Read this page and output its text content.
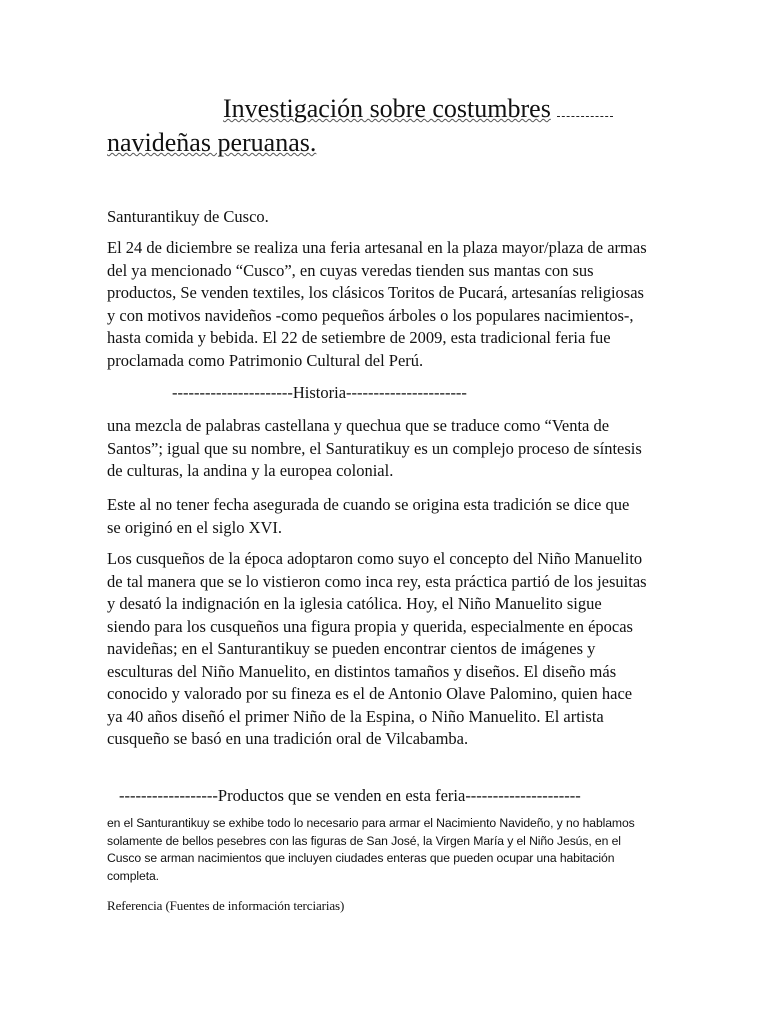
Investigación sobre costumbres
navideñas peruanas.

Santurantikuy de Cusco.

El 24 de diciembre se realiza una feria artesanal en la plaza mayor/plaza de armas del ya mencionado “Cusco”, en cuyas veredas tienden sus mantas con sus productos, Se venden textiles, los clásicos Toritos de Pucará, artesanías religiosas y con motivos navideños -como pequeños árboles o los populares nacimientos-, hasta comida y bebida. El 22 de setiembre de 2009, esta tradicional feria fue proclamada como Patrimonio Cultural del Perú.

----------------------Historia----------------------

una mezcla de palabras castellana y quechua que se traduce como “Venta de Santos”; igual que su nombre, el Santuratikuy es un complejo proceso de síntesis de culturas, la andina y la europea colonial.

Este al no tener fecha asegurada de cuando se origina esta tradición se dice que se originó en el siglo XVI.

Los cusqueños de la época adoptaron como suyo el concepto del Niño Manuelito de tal manera que se lo vistieron como inca rey, esta práctica partió de los jesuitas y desató la indignación en la iglesia católica. Hoy, el Niño Manuelito sigue siendo para los cusqueños una figura propia y querida, especialmente en épocas navideñas; en el Santurantikuy se pueden encontrar cientos de imágenes y esculturas del Niño Manuelito, en distintos tamaños y diseños. El diseño más conocido y valorado por su fineza es el de Antonio Olave Palomino, quien hace ya 40 años diseñó el primer Niño de la Espina, o Niño Manuelito. El artista cusqueño se basó en una tradición oral de Vilcabamba.

------------------Productos que se venden en esta feria---------------------

en el Santurantikuy se exhibe todo lo necesario para armar el Nacimiento Navideño, y no hablamos solamente de bellos pesebres con las figuras de San José, la Virgen María y el Niño Jesús, en el Cusco se arman nacimientos que incluyen ciudades enteras que pueden ocupar una habitación completa.

Referencia (Fuentes de información terciarias)
